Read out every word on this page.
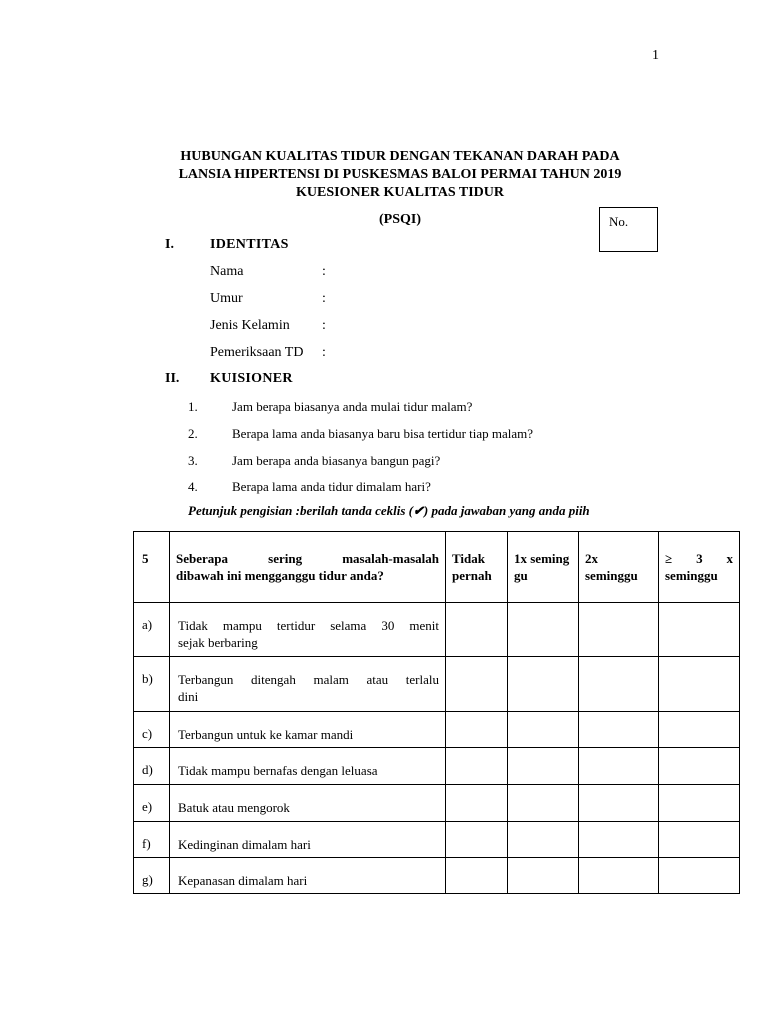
1
HUBUNGAN KUALITAS TIDUR DENGAN TEKANAN DARAH PADA
LANSIA HIPERTENSI DI PUSKESMAS BALOI PERMAI TAHUN 2019
KUESIONER KUALITAS TIDUR
(PSQI)	No.
I.	IDENTITAS
Nama	:
Umur	:
Jenis Kelamin :
Pemeriksaan TD :
II. KUISIONER
1.	Jam berapa biasanya anda mulai tidur malam?
2.	Berapa lama anda biasanya baru bisa tertidur tiap malam?
3.	Jam berapa anda biasanya bangun pagi?
4.	Berapa lama anda tidur dimalam hari?
Petunjuk pengisian :berilah tanda ceklis (✔) pada jawaban yang anda piih
5	Seberapa sering masalah-masalah
dibawah ini mengganggu tidur anda?	Tidak pernah	1x seminggu	2x seminggu	≥ 3 x seminggu
a)	Tidak mampu tertidur selama 30 menit
sejak berbaring				

b)	Terbangun ditengah malam atau terlalu
dini				

c)	Terbangun untuk ke kamar mandi				
d)	Tidak mampu bernafas dengan leluasa				
e)	Batuk atau mengorok				
f)	Kedinginan dimalam hari				
g)	Kepanasan dimalam hari				
